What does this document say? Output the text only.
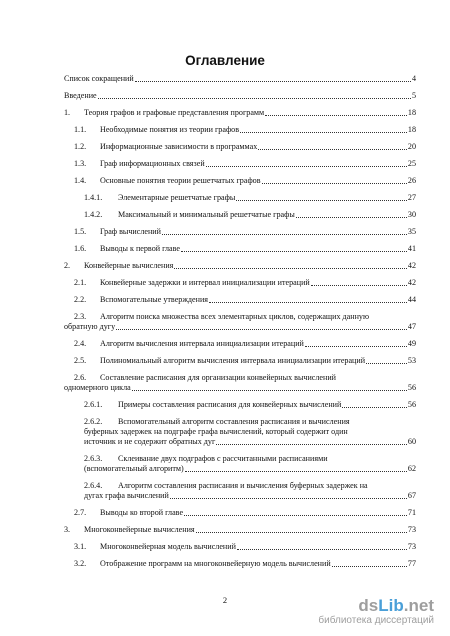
Оглавление
Список сокращений	4
Введение	5
1. Теория графов и графовые представления программ	18
1.1. Необходимые понятия из теории графов	18
1.2. Информационные зависимости в программах	20
1.3. Граф информационных связей	25
1.4. Основные понятия теории решетчатых графов	26
1.4.1. Элементарные решетчатые графы	27
1.4.2. Максимальный и минимальный решетчатые графы	30
1.5. Граф вычислений	35
1.6. Выводы к первой главе	41
2. Конвейерные вычисления	42
2.1. Конвейерные задержки и интервал инициализации итераций	42
2.2. Вспомогательные утверждения	44
2.3. Алгоритм поиска множества всех элементарных циклов, содержащих данную
обратную дугу	47
2.4. Алгоритм вычисления интервала инициализации итераций	49
2.5. Полиномиальный алгоритм вычисления интервала инициализации итераций	53
2.6. Составление расписания для организации конвейерных вычислений
одномерного цикла	56
2.6.1. Примеры составления расписания для конвейерных вычислений	56
2.6.2. Вспомогательный алгоритм составления расписания и вычисления
буферных задержек на подграфе графа вычислений, который содержит один
источник и не содержит обратных дуг	60
2.6.3. Склеивание двух подграфов с рассчитанными расписаниями
(вспомогательный алгоритм)	62
2.6.4. Алгоритм составления расписания и вычисления буферных задержек на
дугах графа вычислений	67
2.7. Выводы ко второй главе	71
3. Многоконвейерные вычисления	73
3.1. Многоконвейерная модель вычислений	73
3.2. Отображение программ на многоконвейерную модель вычислений	77
2	dsLib.net
библиотека диссертаций
